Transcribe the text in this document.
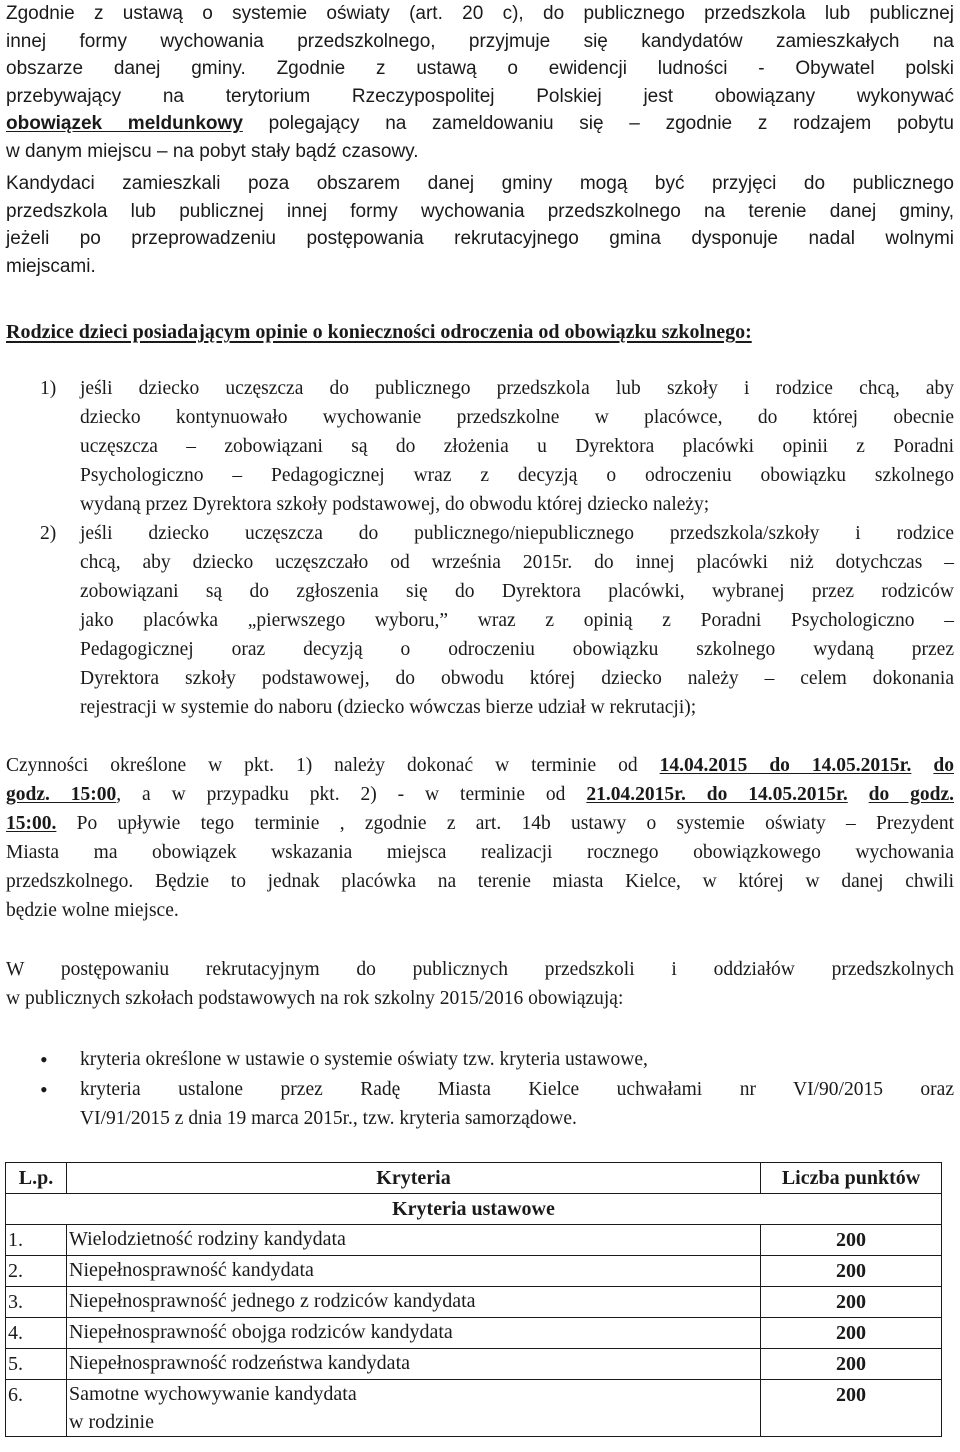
Zgodnie z ustawą o systemie oświaty (art. 20 c), do publicznego przedszkola lub publicznej
innej formy wychowania przedszkolnego, przyjmuje się kandydatów zamieszkałych na
obszarze danej gminy. Zgodnie z ustawą o ewidencji ludności - Obywatel polski
przebywający na terytorium Rzeczypospolitej Polskiej jest obowiązany wykonywać
obowiązek meldunkowy polegający na zameldowaniu się – zgodnie z rodzajem pobytu
w danym miejscu – na pobyt stały bądź czasowy.
Kandydaci zamieszkali poza obszarem danej gminy mogą być przyjęci do publicznego
przedszkola lub publicznej innej formy wychowania przedszkolnego na terenie danej gminy,
jeżeli po przeprowadzeniu postępowania rekrutacyjnego gmina dysponuje nadal wolnymi
miejscami.
Rodzice dzieci posiadającym opinie o konieczności odroczenia od obowiązku szkolnego:
1) jeśli dziecko uczęszcza do publicznego przedszkola lub szkoły i rodzice chcą, aby
dziecko kontynuowało wychowanie przedszkolne w placówce, do której obecnie
uczęszcza – zobowiązani są do złożenia u Dyrektora placówki opinii z Poradni
Psychologiczno – Pedagogicznej wraz z decyzją o odroczeniu obowiązku szkolnego
wydaną przez Dyrektora szkoły podstawowej, do obwodu której dziecko należy;
2) jeśli dziecko uczęszcza do publicznego/niepublicznego przedszkola/szkoły i rodzice
chcą, aby dziecko uczęszczało od września 2015r. do innej placówki niż dotychczas –
zobowiązani są do zgłoszenia się do Dyrektora placówki, wybranej przez rodziców
jako placówka „pierwszego wyboru,” wraz z opinią z Poradni Psychologiczno –
Pedagogicznej oraz decyzją o odroczeniu obowiązku szkolnego wydaną przez
Dyrektora szkoły podstawowej, do obwodu której dziecko należy – celem dokonania
rejestracji w systemie do naboru (dziecko wówczas bierze udział w rekrutacji);
Czynności określone w pkt. 1) należy dokonać w terminie od 14.04.2015 do 14.05.2015r. do
godz. 15:00, a w przypadku pkt. 2) - w terminie od 21.04.2015r. do 14.05.2015r. do godz.
15:00. Po upływie tego terminie , zgodnie z art. 14b ustawy o systemie oświaty – Prezydent
Miasta ma obowiązek wskazania miejsca realizacji rocznego obowiązkowego wychowania
przedszkolnego. Będzie to jednak placówka na terenie miasta Kielce, w której w danej chwili
będzie wolne miejsce.
W postępowaniu rekrutacyjnym do publicznych przedszkoli i oddziałów przedszkolnych
w publicznych szkołach podstawowych na rok szkolny 2015/2016 obowiązują:
• kryteria określone w ustawie o systemie oświaty tzw. kryteria ustawowe,
• kryteria ustalone przez Radę Miasta Kielce uchwałami nr VI/90/2015 oraz
VI/91/2015 z dnia 19 marca 2015r., tzw. kryteria samorządowe.
L.p.	Kryteria	Liczba punktów
Kryteria ustawowe		
1.	Wielodzietność rodziny kandydata	200
2.	Niepełnosprawność kandydata	200
3.	Niepełnosprawność jednego z rodziców kandydata	200
4.	Niepełnosprawność obojga rodziców kandydata	200
5.	Niepełnosprawność rodzeństwa kandydata	200
6.	Samotne wychowywanie kandydata
w rodzinie	200
